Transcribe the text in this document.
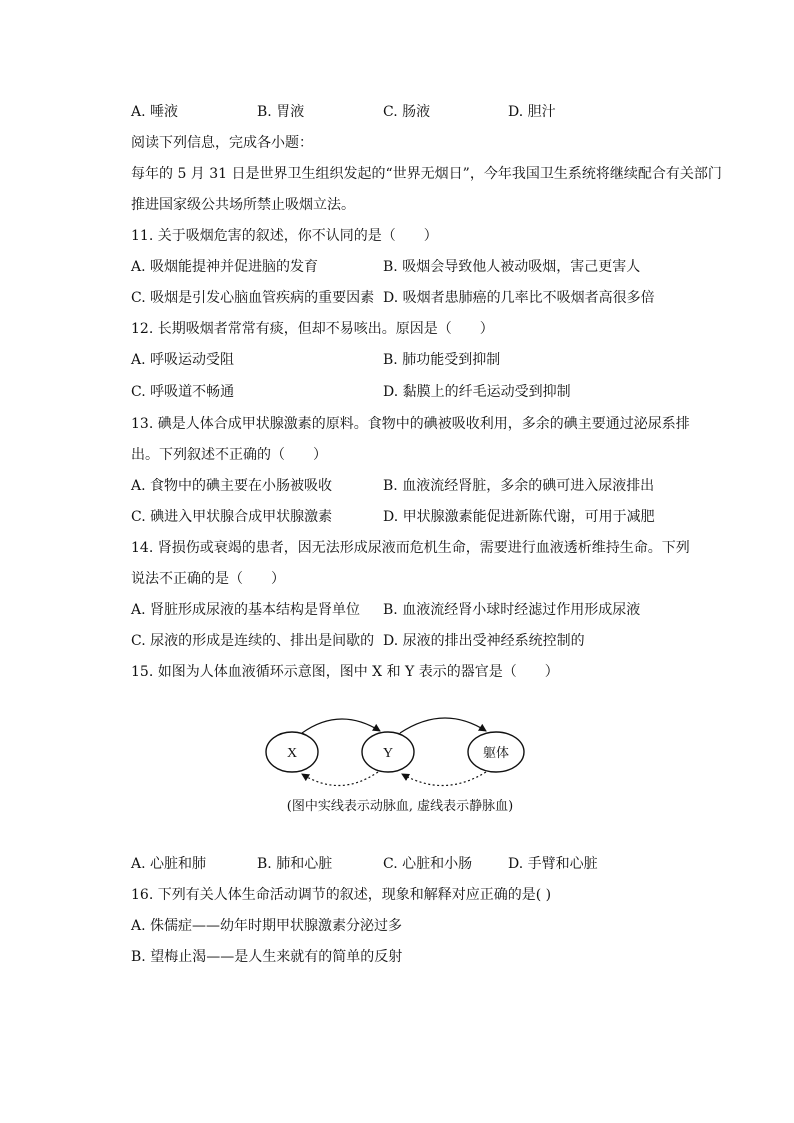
A. 唾液	B. 胃液	C. 肠液	D. 胆汁
阅读下列信息，完成各小题：
每年的 5 月 31 日是世界卫生组织发起的“世界无烟日”，今年我国卫生系统将继续配合有关部门
推进国家级公共场所禁止吸烟立法。
11. 关于吸烟危害的叙述，你不认同的是（　　）
A. 吸烟能提神并促进脑的发育	B. 吸烟会导致他人被动吸烟，害己更害人
C. 吸烟是引发心脑血管疾病的重要因素 D. 吸烟者患肺癌的几率比不吸烟者高很多倍
12. 长期吸烟者常常有痰，但却不易咳出。原因是（　　）
A. 呼吸运动受阻	B. 肺功能受到抑制
C. 呼吸道不畅通	D. 黏膜上的纤毛运动受到抑制
13. 碘是人体合成甲状腺激素的原料。食物中的碘被吸收利用，多余的碘主要通过泌尿系排
出。下列叙述不正确的（　　）
A. 食物中的碘主要在小肠被吸收	B. 血液流经肾脏，多余的碘可进入尿液排出
C. 碘进入甲状腺合成甲状腺激素	D. 甲状腺激素能促进新陈代谢，可用于减肥
14. 肾损伤或衰竭的患者，因无法形成尿液而危机生命，需要进行血液透析维持生命。下列
说法不正确的是（　　）
A. 肾脏形成尿液的基本结构是肾单位 B. 血液流经肾小球时经滤过作用形成尿液
C. 尿液的形成是连续的、排出是间歇的 D. 尿液的排出受神经系统控制的
15. 如图为人体血液循环示意图，图中 X 和 Y 表示的器官是（　　）
X	Y	躯体
(图中实线表示动脉血, 虚线表示静脉血)
A. 心脏和肺	B. 肺和心脏	C. 心脏和小肠	D. 手臂和心脏
16. 下列有关人体生命活动调节的叙述，现象和解释对应正确的是( )
A. 侏儒症——幼年时期甲状腺激素分泌过多
B. 望梅止渴——是人生来就有的简单的反射
